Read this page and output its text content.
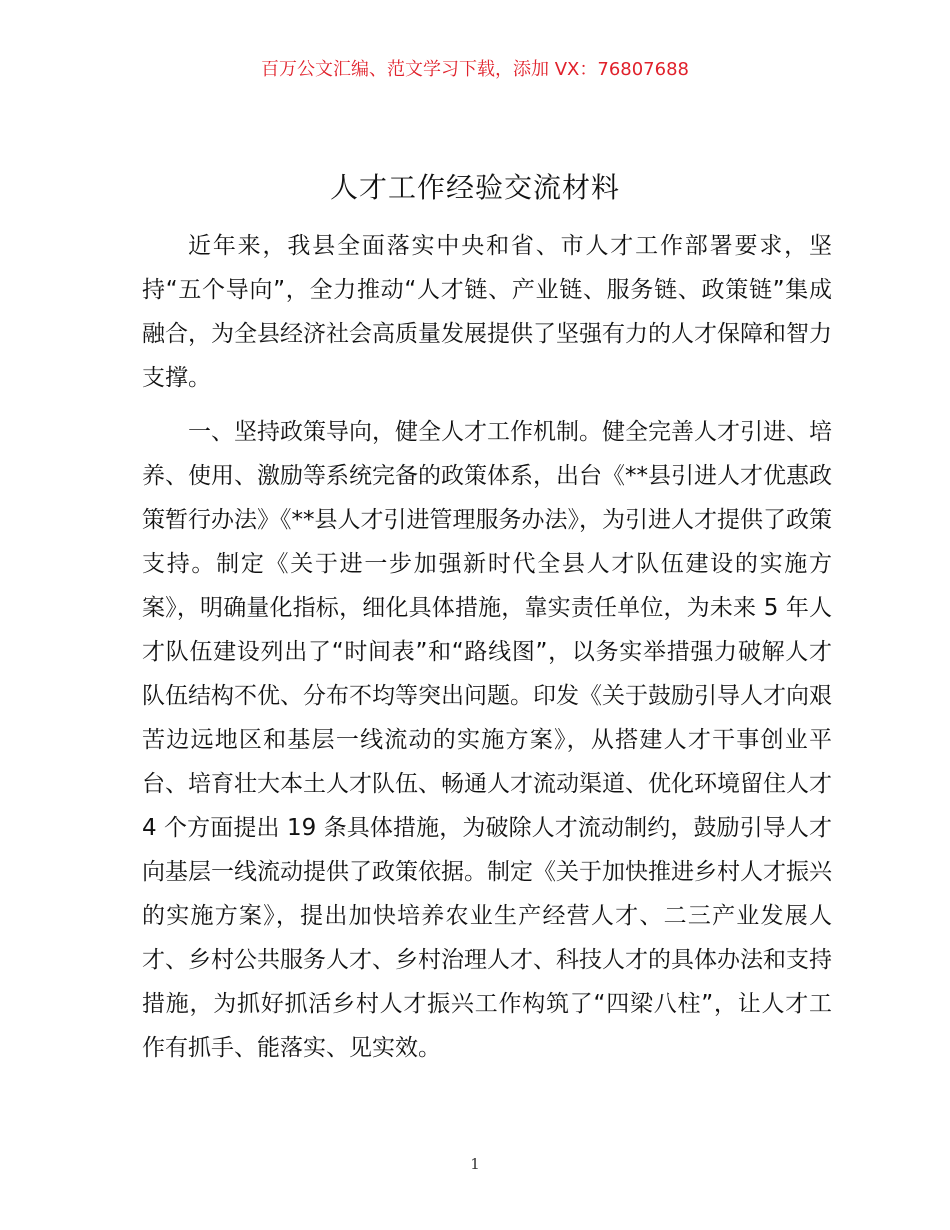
百万公文汇编、范文学习下载，添加 VX：76807688
人才工作经验交流材料

近年来，我县全面落实中央和省、市人才工作部署要求，坚持“五个导向”，全力推动“人才链、产业链、服务链、政策链”集成融合，为全县经济社会高质量发展提供了坚强有力的人才保障和智力支撑。

一、坚持政策导向，健全人才工作机制。健全完善人才引进、培养、使用、激励等系统完备的政策体系，出台《**县引进人才优惠政策暂行办法》《**县人才引进管理服务办法》，为引进人才提供了政策支持。制定《关于进一步加强新时代全县人才队伍建设的实施方案》，明确量化指标，细化具体措施，靠实责任单位，为未来 5 年人才队伍建设列出了“时间表”和“路线图”，以务实举措强力破解人才队伍结构不优、分布不均等突出问题。印发《关于鼓励引导人才向艰苦边远地区和基层一线流动的实施方案》，从搭建人才干事创业平台、培育壮大本土人才队伍、畅通人才流动渠道、优化环境留住人才 4 个方面提出 19 条具体措施，为破除人才流动制约，鼓励引导人才向基层一线流动提供了政策依据。制定《关于加快推进乡村人才振兴的实施方案》，提出加快培养农业生产经营人才、二三产业发展人才、乡村公共服务人才、乡村治理人才、科技人才的具体办法和支持措施，为抓好抓活乡村人才振兴工作构筑了“四梁八柱”，让人才工作有抓手、能落实、见实效。

1
